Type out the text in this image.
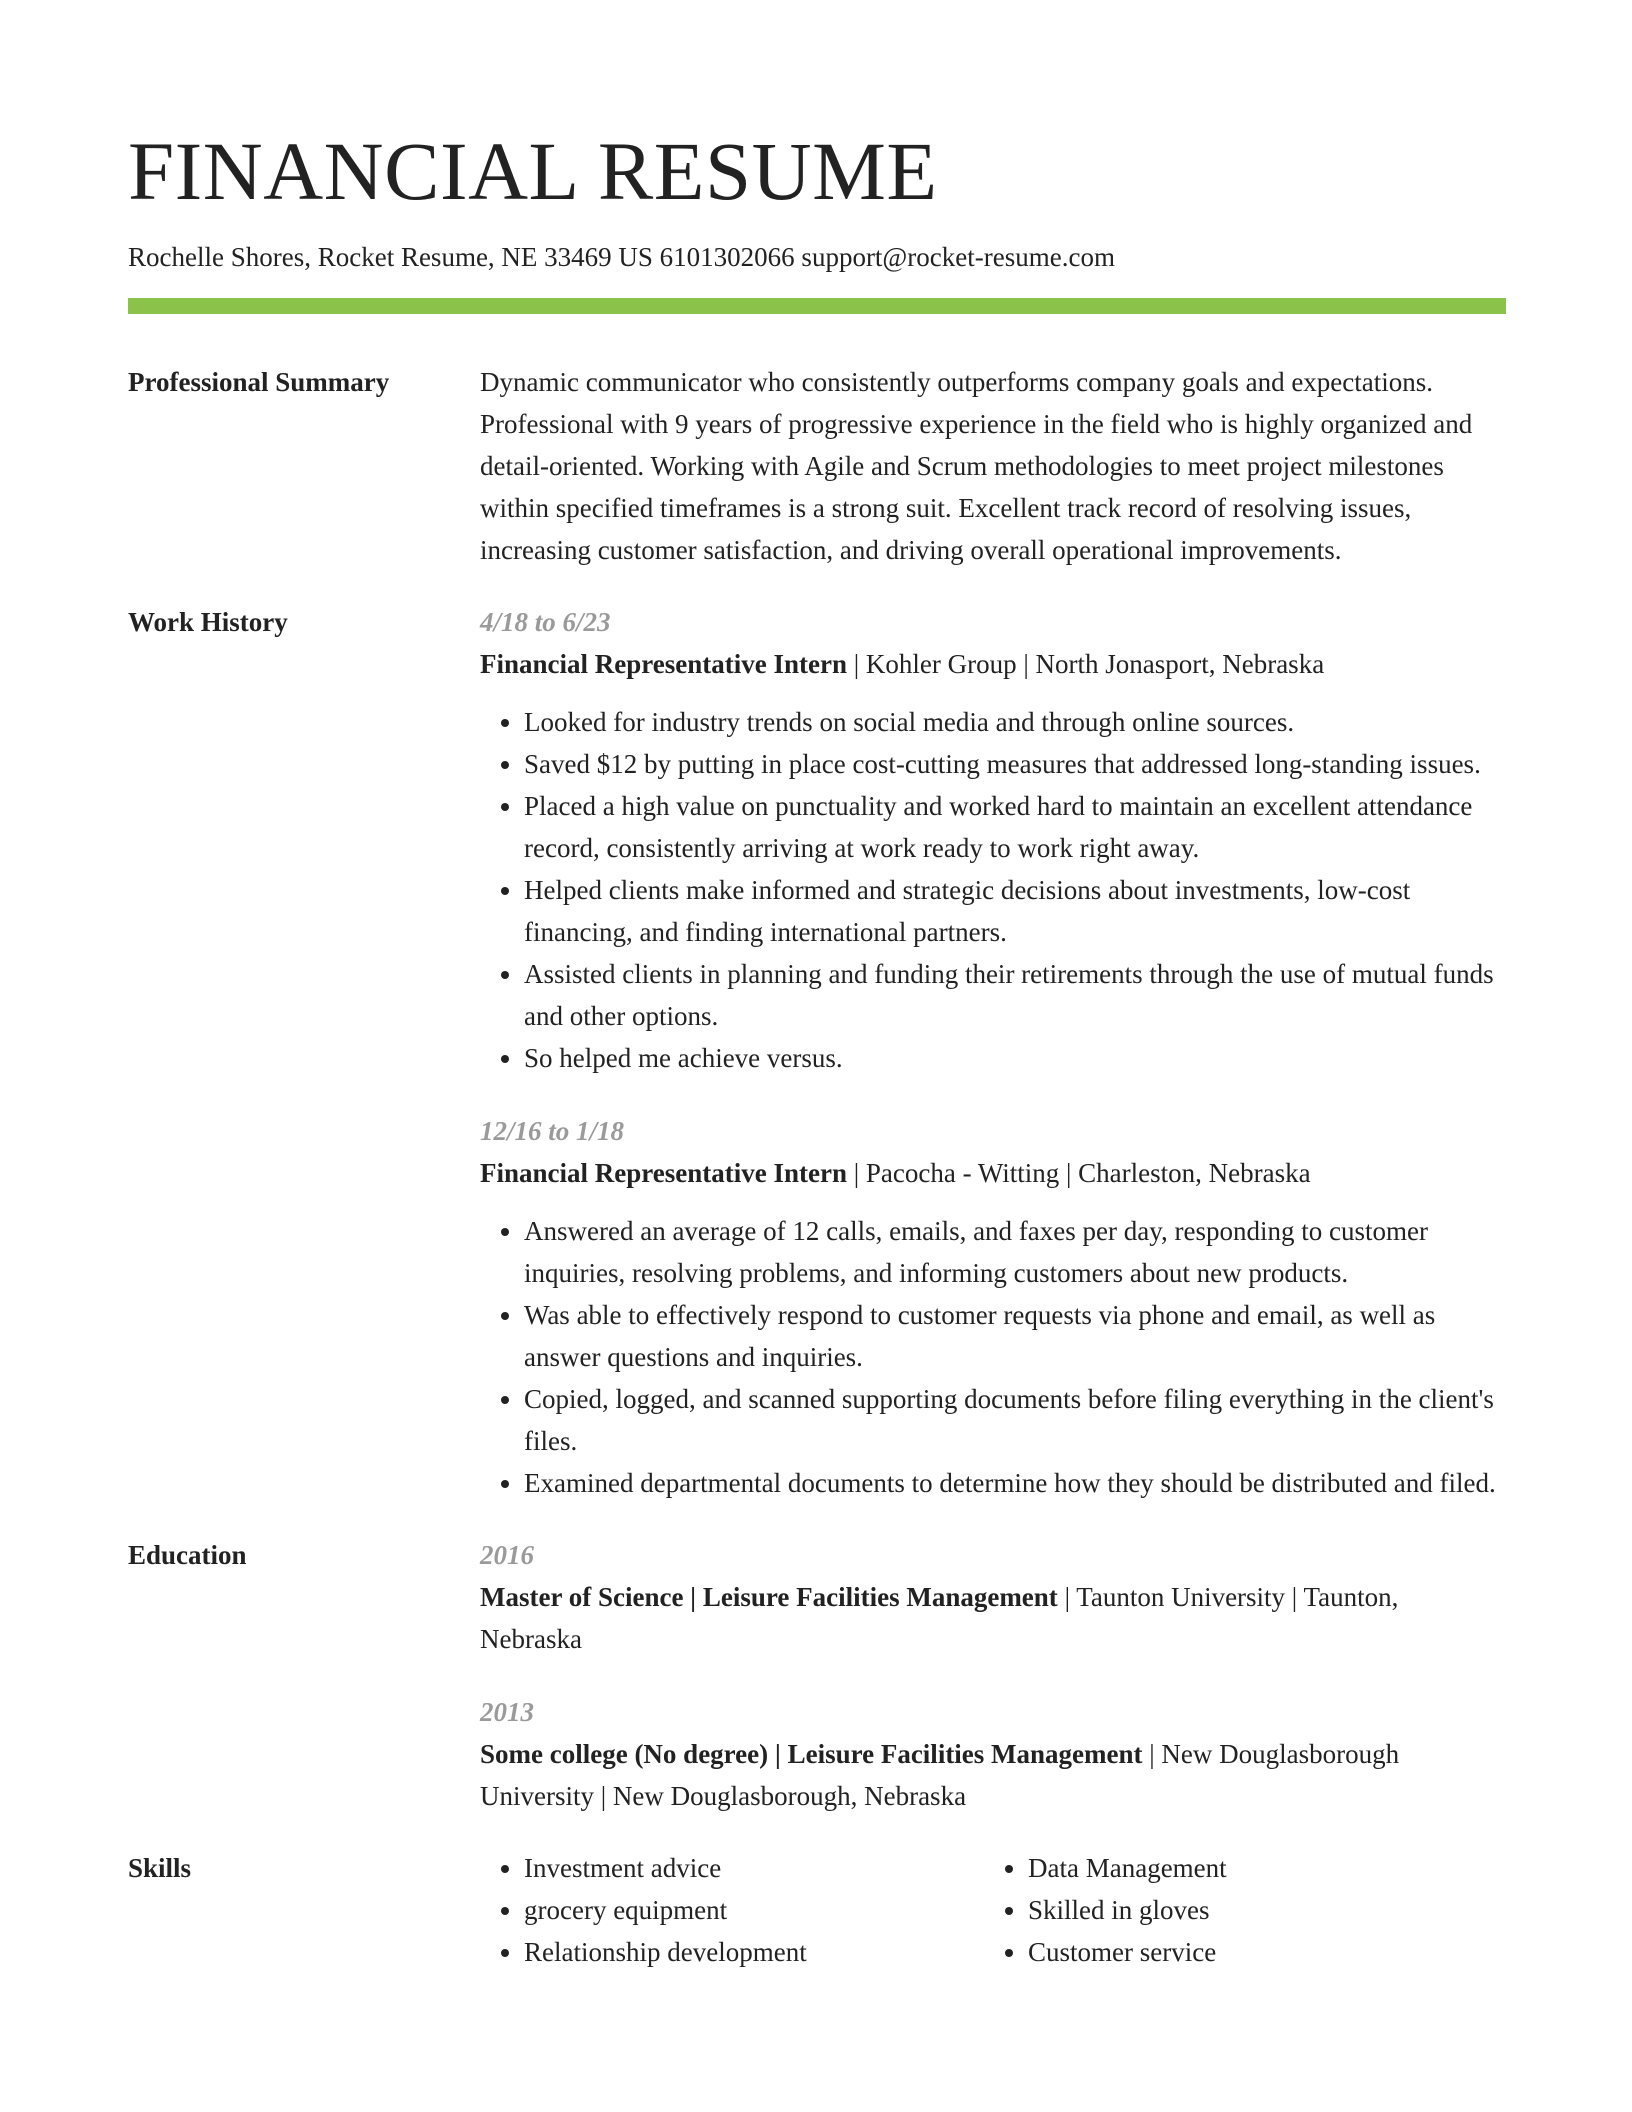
FINANCIAL RESUME
Rochelle Shores, Rocket Resume, NE 33469 US 6101302066 support@rocket-resume.com
Professional Summary	Dynamic communicator who consistently outperforms company goals and expectations. Professional with 9 years of progressive experience in the field who is highly organized and detail-oriented. Working with Agile and Scrum methodologies to meet project milestones within specified timeframes is a strong suit. Excellent track record of resolving issues, increasing customer satisfaction, and driving overall operational improvements.

Work History	4/18 to 6/23
Financial Representative Intern | Kohler Group | North Jonasport, Nebraska
• Looked for industry trends on social media and through online sources.
• Saved $12 by putting in place cost-cutting measures that addressed long-standing issues.
• Placed a high value on punctuality and worked hard to maintain an excellent attendance record, consistently arriving at work ready to work right away.
• Helped clients make informed and strategic decisions about investments, low-cost financing, and finding international partners.
• Assisted clients in planning and funding their retirements through the use of mutual funds and other options.
• So helped me achieve versus.
12/16 to 1/18
Financial Representative Intern | Pacocha - Witting | Charleston, Nebraska
• Answered an average of 12 calls, emails, and faxes per day, responding to customer inquiries, resolving problems, and informing customers about new products.
• Was able to effectively respond to customer requests via phone and email, as well as answer questions and inquiries.
• Copied, logged, and scanned supporting documents before filing everything in the client's files.
• Examined departmental documents to determine how they should be distributed and filed.
Education	2016
Master of Science | Leisure Facilities Management | Taunton University | Taunton, Nebraska
2013
Some college (No degree) | Leisure Facilities Management | New Douglasborough University | New Douglasborough, Nebraska
Skills
•	Investment advice
• grocery equipment
• Relationship development
• Data Management
• Skilled in gloves
• Customer service
